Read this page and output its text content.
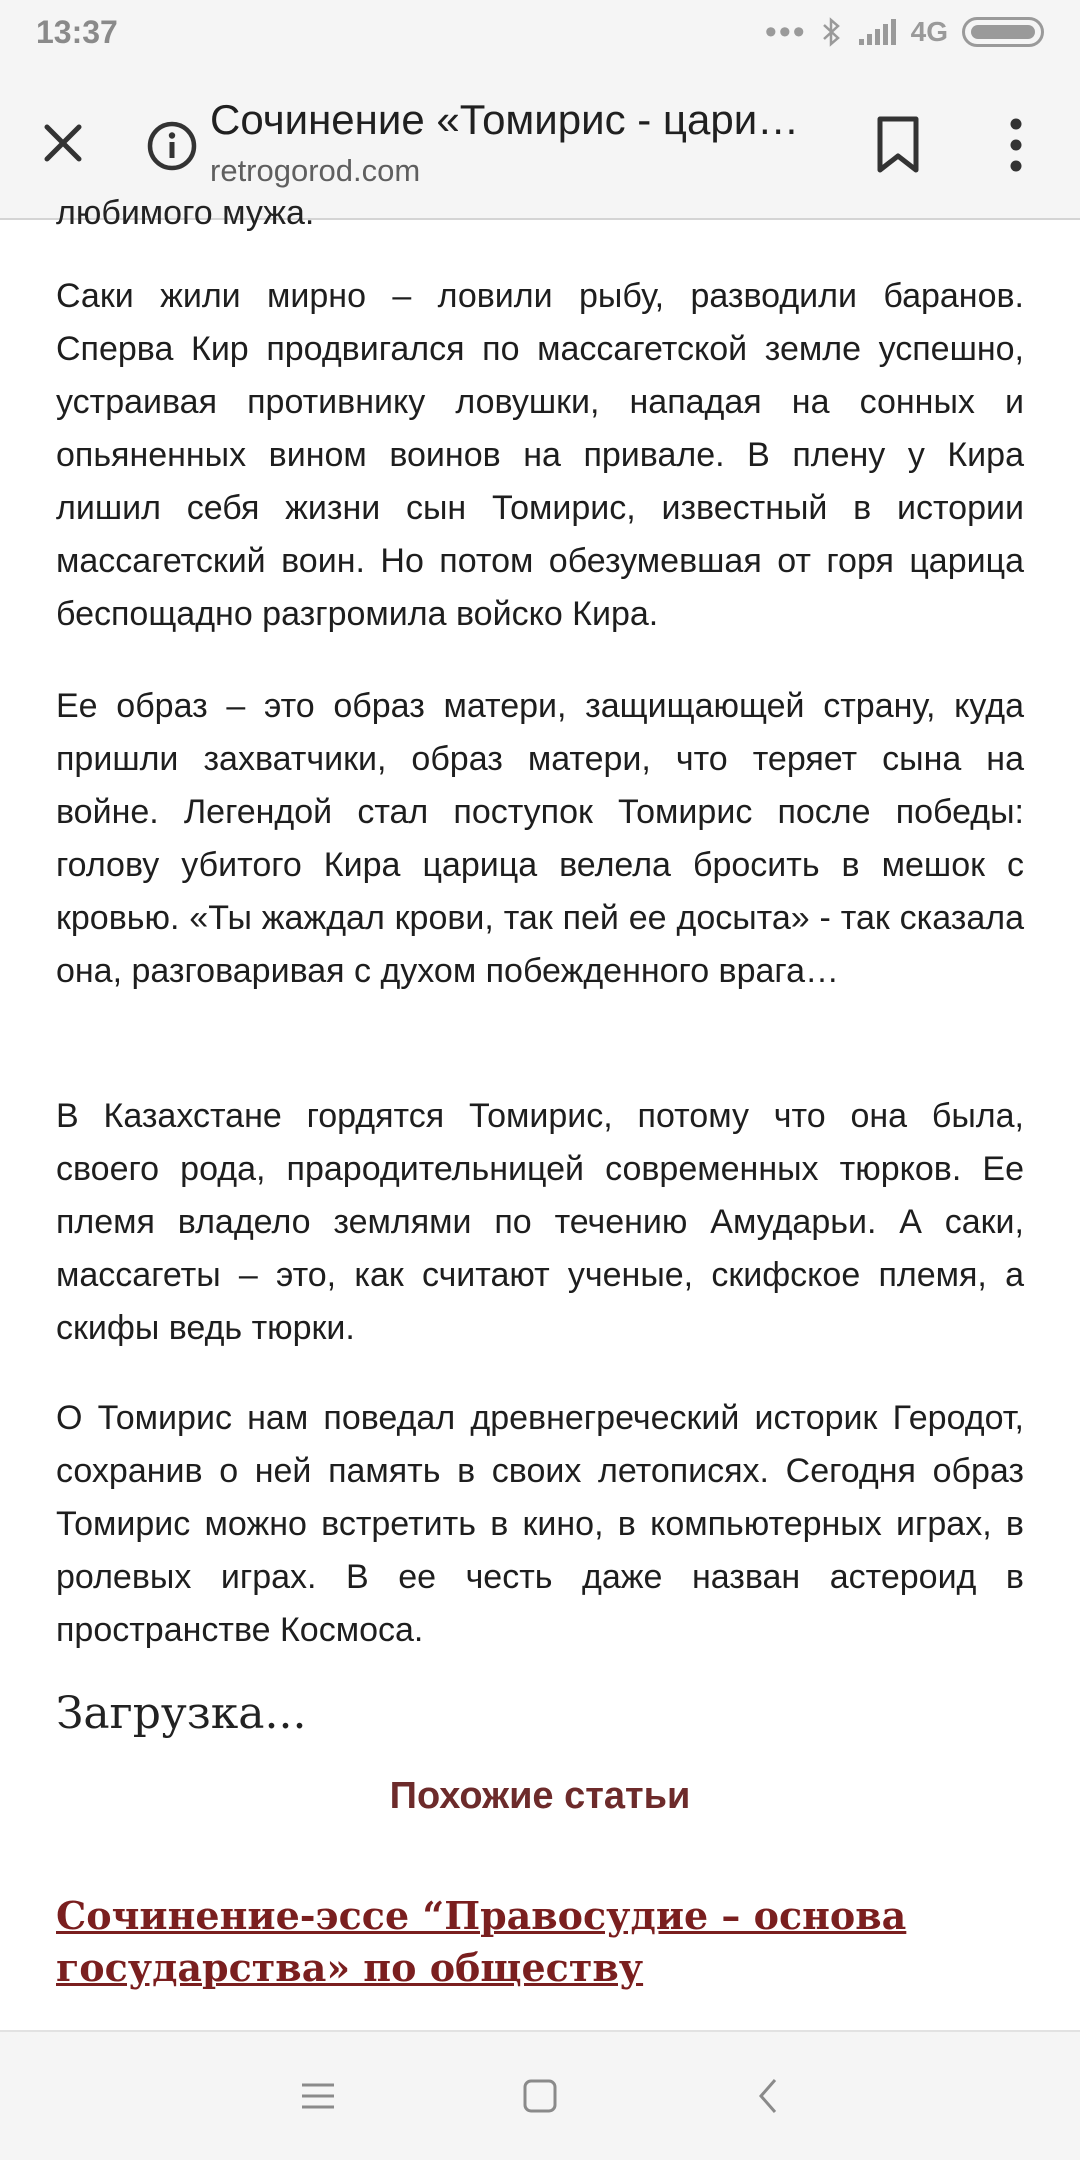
13:37	•••	4G
Сочинение «Томирис - цари…
retrogorod.com
любимого мужа.

Саки жили мирно – ловили рыбу, разводили баранов. Сперва Кир продвигался по массагетской земле успешно, устраивая противнику ловушки, нападая на сонных и опьяненных вином воинов на привале. В плену у Кира лишил себя жизни сын Томирис, известный в истории массагетский воин. Но потом обезумевшая от горя царица беспощадно разгромила войско Кира.

Ее образ – это образ матери, защищающей страну, куда пришли захватчики, образ матери, что теряет сына на войне. Легендой стал поступок Томирис после победы: голову убитого Кира царица велела бросить в мешок с кровью. «Ты жаждал крови, так пей ее досыта» - так сказала она, разговаривая с духом побежденного врага…

В Казахстане гордятся Томирис, потому что она была, своего рода, прародительницей современных тюрков. Ее племя владело землями по течению Амударьи. А саки, массагеты – это, как считают ученые, скифское племя, а скифы ведь тюрки.

О Томирис нам поведал древнегреческий историк Геродот, сохранив о ней память в своих летописях. Сегодня образ Томирис можно встретить в кино, в компьютерных играх, в ролевых играх. В ее честь даже назван астероид в пространстве Космоса.

Загрузка...
Похожие статьи
Сочинение-эссе “Правосудие – основа государства» по обществу
